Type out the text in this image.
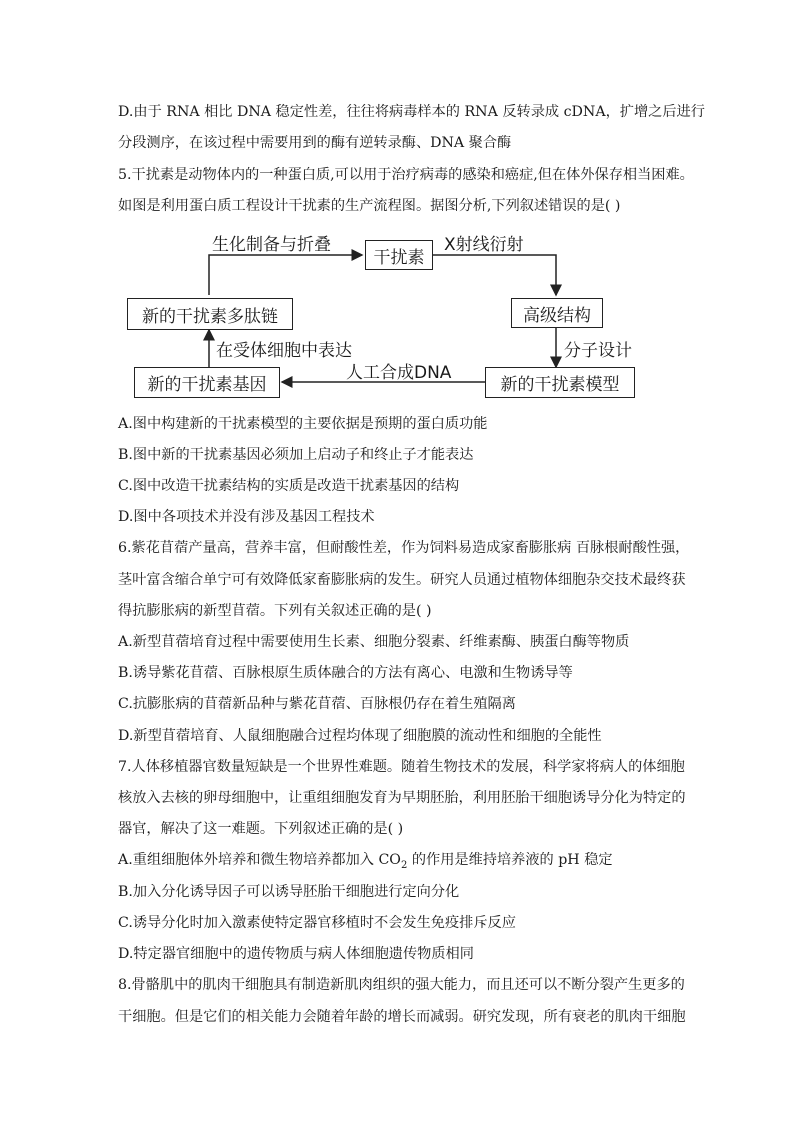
D.由于 RNA 相比 DNA 稳定性差，往往将病毒样本的 RNA 反转录成 cDNA，扩增之后进行
分段测序，在该过程中需要用到的酶有逆转录酶、DNA 聚合酶
5.干扰素是动物体内的一种蛋白质,可以用于治疗病毒的感染和癌症,但在体外保存相当困难。
如图是利用蛋白质工程设计干扰素的生产流程图。据图分析,下列叙述错误的是( )
干扰素
高级结构
新的干扰素模型
新的干扰素基因
新的干扰素多肽链
生化制备与折叠	X射线衍射
分子设计
人工合成DNA
在受体细胞中表达
A.图中构建新的干扰素模型的主要依据是预期的蛋白质功能
B.图中新的干扰素基因必须加上启动子和终止子才能表达
C.图中改造干扰素结构的实质是改造干扰素基因的结构
D.图中各项技术并没有涉及基因工程技术
6.紫花苜蓿产量高，营养丰富，但耐酸性差，作为饲料易造成家畜膨胀病 百脉根耐酸性强，
茎叶富含缩合单宁可有效降低家畜膨胀病的发生。研究人员通过植物体细胞杂交技术最终获
得抗膨胀病的新型苜蓿。下列有关叙述正确的是( )
A.新型苜蓿培育过程中需要使用生长素、细胞分裂素、纤维素酶、胰蛋白酶等物质
B.诱导紫花苜蓿、百脉根原生质体融合的方法有离心、电激和生物诱导等
C.抗膨胀病的苜蓿新品种与紫花苜蓿、百脉根仍存在着生殖隔离
D.新型苜蓿培育、人鼠细胞融合过程均体现了细胞膜的流动性和细胞的全能性
7.人体移植器官数量短缺是一个世界性难题。随着生物技术的发展，科学家将病人的体细胞
核放入去核的卵母细胞中，让重组细胞发育为早期胚胎，利用胚胎干细胞诱导分化为特定的
器官，解决了这一难题。下列叙述正确的是( )
A.重组细胞体外培养和微生物培养都加入 $CO_2$ 的作用是维持培养液的 pH 稳定
B.加入分化诱导因子可以诱导胚胎干细胞进行定向分化
C.诱导分化时加入激素使特定器官移植时不会发生免疫排斥反应
D.特定器官细胞中的遗传物质与病人体细胞遗传物质相同
8.骨骼肌中的肌肉干细胞具有制造新肌肉组织的强大能力，而且还可以不断分裂产生更多的
干细胞。但是它们的相关能力会随着年龄的增长而减弱。研究发现，所有衰老的肌肉干细胞
